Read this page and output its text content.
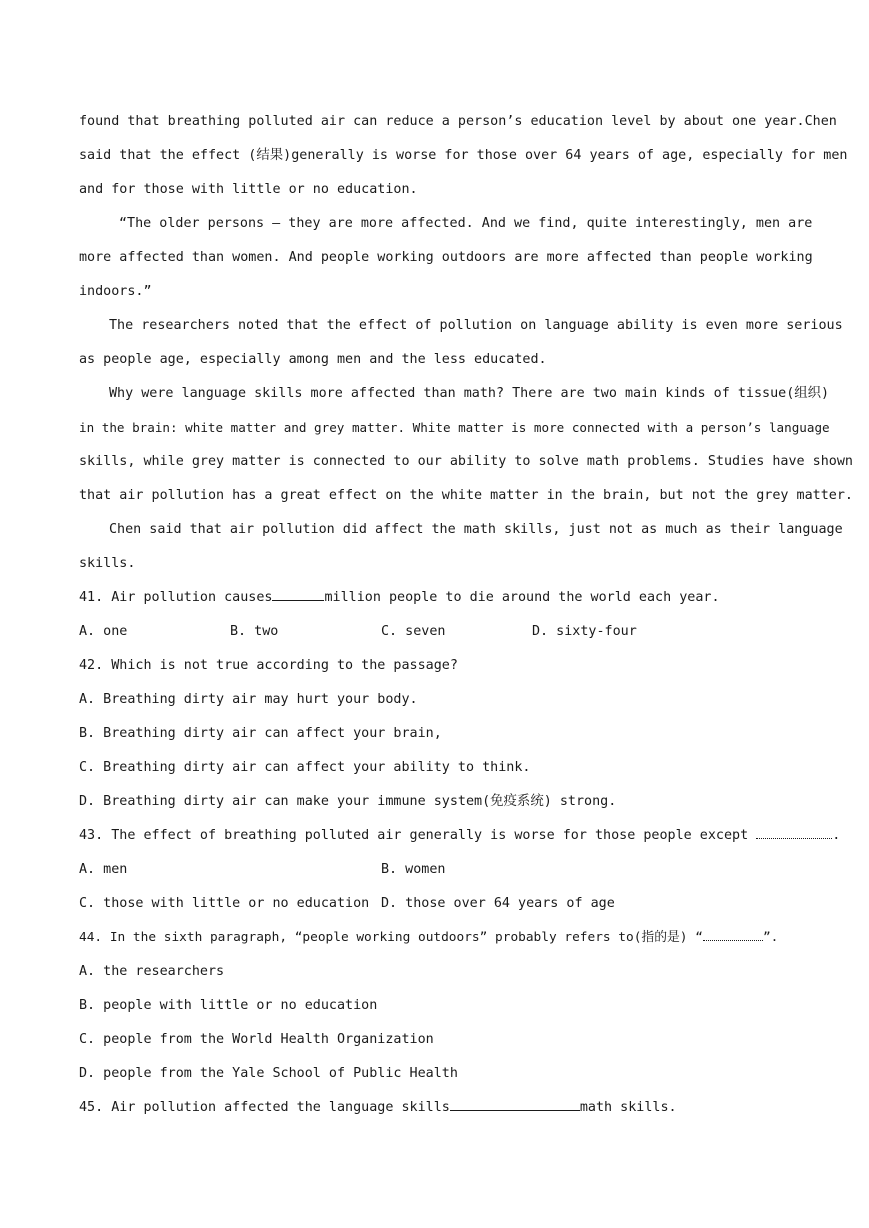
found that breathing polluted air can reduce a person’s education level by about one year.Chen

said that the effect (结果)generally is worse for those over 64 years of age, especially for men

and for those with little or no education.

“The older persons — they are more affected. And we find, quite interestingly, men are

more affected than women. And people working outdoors are more affected than people working

indoors.”

The researchers noted that the effect of pollution on language ability is even more serious

as people age, especially among men and the less educated.

Why were language skills more affected than math? There are two main kinds of tissue(组织)

in the brain: white matter and grey matter. White matter is more connected with a person’s language

skills, while grey matter is connected to our ability to solve math problems. Studies have shown

that air pollution has a great effect on the white matter in the brain, but not the grey matter.

Chen said that air pollution did affect the math skills, just not as much as their language

skills.

41. Air pollution causes	million people to die around the world each year.

A. one	B. two	C. seven	D. sixty-four

42. Which is not true according to the passage?

A. Breathing dirty air may hurt your body.

B. Breathing dirty air can affect your brain,

C. Breathing dirty air can affect your ability to think.

D. Breathing dirty air can make your immune system(免疫系统) strong.

43. The effect of breathing polluted air generally is worse for those people except	.

A. men	B. women
C. those with little or no education D. those over 64 years of age

44. In the sixth paragraph, “people working outdoors” probably refers to(指的是) “	”.

A. the researchers

B. people with little or no education

C. people from the World Health Organization

D. people from the Yale School of Public Health

45. Air pollution affected the language skills	math skills.
